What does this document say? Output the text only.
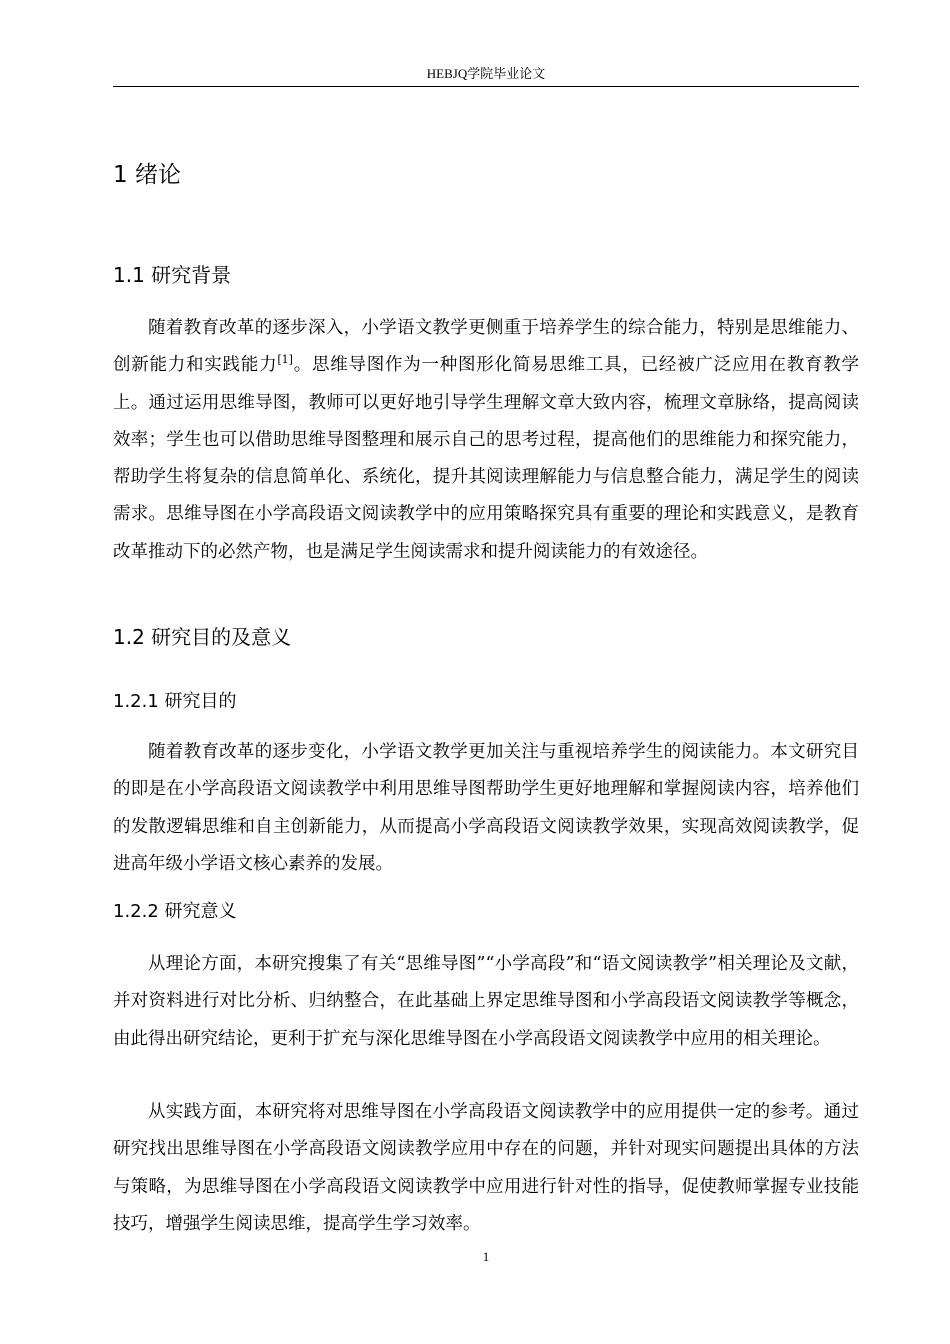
HEBJQ学院毕业论文
1 绪论
1.1 研究背景

随着教育改革的逐步深入，小学语文教学更侧重于培养学生的综合能力，特别是思维能力、创新能力和实践能力[1]。思维导图作为一种图形化简易思维工具，已经被广泛应用在教育教学上。通过运用思维导图，教师可以更好地引导学生理解文章大致内容，梳理文章脉络，提高阅读效率；学生也可以借助思维导图整理和展示自己的思考过程，提高他们的思维能力和探究能力，帮助学生将复杂的信息简单化、系统化，提升其阅读理解能力与信息整合能力，满足学生的阅读需求。思维导图在小学高段语文阅读教学中的应用策略探究具有重要的理论和实践意义，是教育改革推动下的必然产物，也是满足学生阅读需求和提升阅读能力的有效途径。

1.2 研究目的及意义
1.2.1 研究目的

随着教育改革的逐步变化，小学语文教学更加关注与重视培养学生的阅读能力。本文研究目的即是在小学高段语文阅读教学中利用思维导图帮助学生更好地理解和掌握阅读内容，培养他们的发散逻辑思维和自主创新能力，从而提高小学高段语文阅读教学效果，实现高效阅读教学，促进高年级小学语文核心素养的发展。

1.2.2 研究意义

从理论方面，本研究搜集了有关“思维导图”“小学高段”和“语文阅读教学”相关理论及文献，并对资料进行对比分析、归纳整合，在此基础上界定思维导图和小学高段语文阅读教学等概念，由此得出研究结论，更利于扩充与深化思维导图在小学高段语文阅读教学中应用的相关理论。

从实践方面，本研究将对思维导图在小学高段语文阅读教学中的应用提供一定的参考。通过研究找出思维导图在小学高段语文阅读教学应用中存在的问题，并针对现实问题提出具体的方法与策略，为思维导图在小学高段语文阅读教学中应用进行针对性的指导，促使教师掌握专业技能技巧，增强学生阅读思维，提高学生学习效率。

1
